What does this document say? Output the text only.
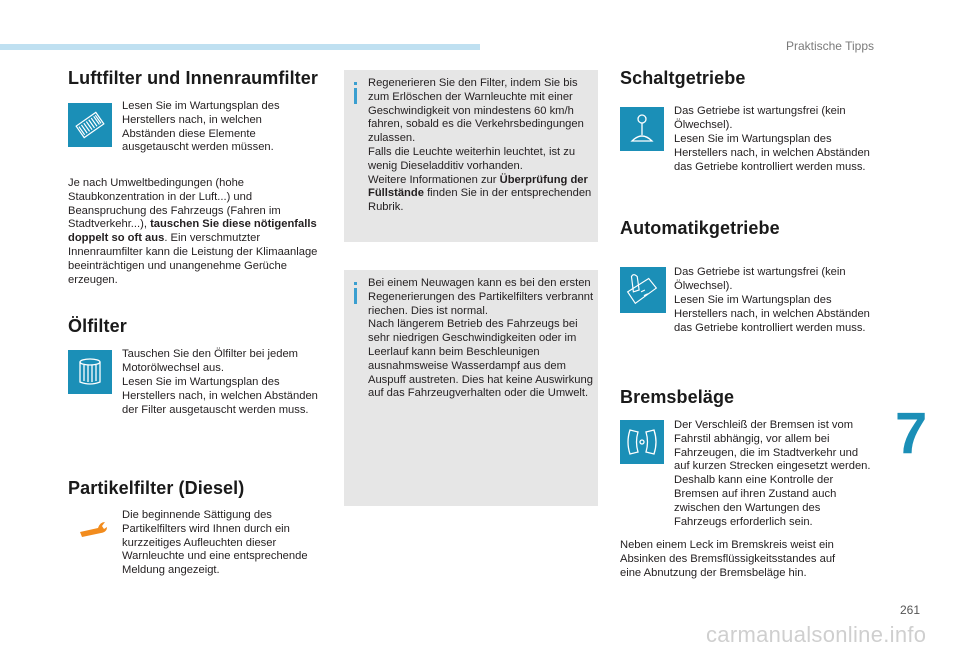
Praktische Tipps
Luftfilter und Innenraumfilter

Lesen Sie im Wartungsplan des Herstellers nach, in welchen Abständen diese Elemente ausgetauscht werden müssen.

Je nach Umweltbedingungen (hohe Staubkonzentration in der Luft...) und Beanspruchung des Fahrzeugs (Fahren im Stadtverkehr...), tauschen Sie diese nötigenfalls doppelt so oft aus. Ein verschmutzter Innenraumfilter kann die Leistung der Klimaanlage beeinträchtigen und unangenehme Gerüche erzeugen.

Ölfilter

Tauschen Sie den Ölfilter bei jedem Motorölwechsel aus.

Lesen Sie im Wartungsplan des Herstellers nach, in welchen Abständen der Filter ausgetauscht werden muss.

Partikelfilter (Diesel)

Die beginnende Sättigung des Partikelfilters wird Ihnen durch ein kurzzeitiges Aufleuchten dieser Warnleuchte und eine entsprechende Meldung angezeigt.

Regenerieren Sie den Filter, indem Sie bis zum Erlöschen der Warnleuchte mit einer Geschwindigkeit von mindestens 60 km/h fahren, sobald es die Verkehrsbedingungen zulassen.
Falls die Leuchte weiterhin leuchtet, ist zu wenig Dieseladditiv vorhanden.
Weitere Informationen zur Überprüfung der Füllstände finden Sie in der entsprechenden Rubrik.

Bei einem Neuwagen kann es bei den ersten Regenerierungen des Partikelfilters verbrannt riechen. Dies ist normal.
Nach längerem Betrieb des Fahrzeugs bei sehr niedrigen Geschwindigkeiten oder im Leerlauf kann beim Beschleunigen ausnahmsweise Wasserdampf aus dem Auspuff austreten. Dies hat keine Auswirkung auf das Fahrzeugverhalten oder die Umwelt.

Schaltgetriebe

Das Getriebe ist wartungsfrei (kein Ölwechsel).

Lesen Sie im Wartungsplan des Herstellers nach, in welchen Abständen das Getriebe kontrolliert werden muss.

Automatikgetriebe

Das Getriebe ist wartungsfrei (kein Ölwechsel).

Lesen Sie im Wartungsplan des Herstellers nach, in welchen Abständen das Getriebe kontrolliert werden muss.

Bremsbeläge

Der Verschleiß der Bremsen ist vom Fahrstil abhängig, vor allem bei Fahrzeugen, die im Stadtverkehr und auf kurzen Strecken eingesetzt werden. Deshalb kann eine Kontrolle der Bremsen auf ihren Zustand auch zwischen den Wartungen des Fahrzeugs erforderlich sein.

Neben einem Leck im Bremskreis weist ein Absinken des Bremsflüssigkeitsstandes auf eine Abnutzung der Bremsbeläge hin.

7
261
carmanualsonline.info
